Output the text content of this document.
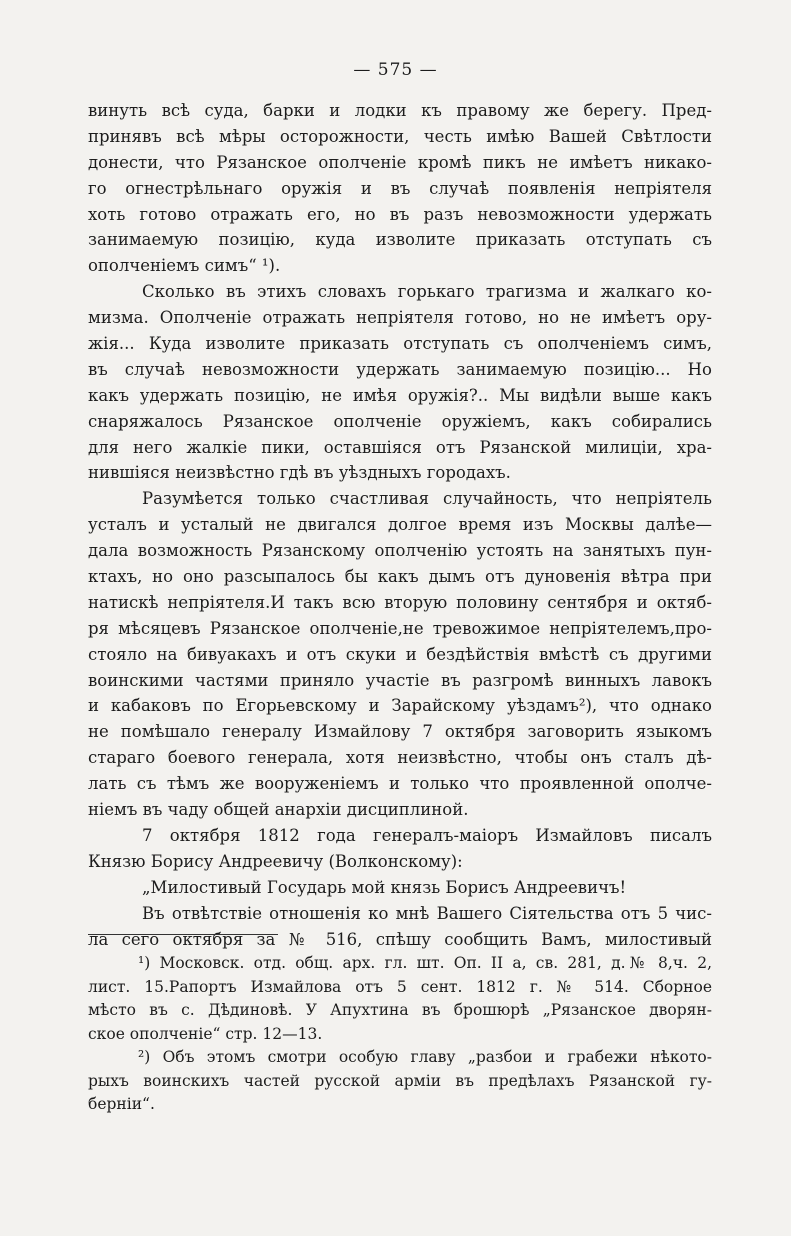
— 575 —
винуть всѣ суда, барки и лодки къ правому же берегу. Пред-
принявъ всѣ мѣры осторожности, честь имѣю Вашей Свѣтлости
донести, что Рязанское ополченіе кромѣ пикъ не имѣетъ никако-
го огнестрѣльнаго оружія и въ случаѣ появленія непріятеля
хоть готово отражать его, но въ разъ невозможности удержать
занимаемую позицію, куда изволите приказать отступать съ
ополченіемъ симъ“ ¹).
Сколько въ этихъ словахъ горькаго трагизма и жалкаго ко-
мизма. Ополченіе отражать непріятеля готово, но не имѣетъ ору-
жія... Куда изволите приказать отступать съ ополченіемъ симъ,
въ случаѣ невозможности удержать занимаемую позицію... Но
какъ удержать позицію, не имѣя оружія?.. Мы видѣли выше какъ
снаряжалось Рязанское ополченіе оружіемъ, какъ собирались
для него жалкіе пики, оставшіяся отъ Рязанской милиціи, хра-
нившіяся неизвѣстно гдѣ въ уѣздныхъ городахъ.
Разумѣется только счастливая случайность, что непріятель
усталъ и усталый не двигался долгое время изъ Москвы далѣе—
дала возможность Рязанскому ополченію устоять на занятыхъ пун-
ктахъ, но оно разсыпалось бы какъ дымъ отъ дуновенія вѣтра при
натискѣ непріятеля.И такъ всю вторую половину сентября и октяб-
ря мѣсяцевъ Рязанское ополченіе,не тревожимое непріятелемъ,про-
стояло на бивуакахъ и отъ скуки и бездѣйствія вмѣстѣ съ другими
воинскими частями приняло участіе въ разгромѣ винныхъ лавокъ
и кабаковъ по Егорьевскому и Зарайскому уѣздамъ²), что однако
не помѣшало генералу Измайлову 7 октября заговорить языкомъ
стараго боевого генерала, хотя неизвѣстно, чтобы онъ сталъ дѣ-
лать съ тѣмъ же вооруженіемъ и только что проявленной ополче-
ніемъ въ чаду общей анархіи дисциплиной.
7 октября 1812 года генералъ-маіоръ Измайловъ писалъ
Князю Борису Андреевичу (Волконскому):
„Милостивый Государь мой князь Борисъ Андреевичъ!
Въ отвѣтствіе отношенія ко мнѣ Вашего Сіятельства отъ 5 чис-
ла сего октября за № 516, спѣшу сообщить Вамъ, милостивый
¹) Московск. отд. общ. арх. гл. шт. Оп. II а, св. 281, д.№ 8,ч. 2,
лист. 15.Рапортъ Измайлова отъ 5 сент. 1812 г. № 514. Сборное
мѣсто въ с. Дѣдиновѣ. У Апухтина въ брошюрѣ „Рязанское дворян-
ское ополченіе“ стр. 12—13.
²) Объ этомъ смотри особую главу „разбои и грабежи нѣкото-
рыхъ воинскихъ частей русской арміи въ предѣлахъ Рязанской гу-
берніи“.
